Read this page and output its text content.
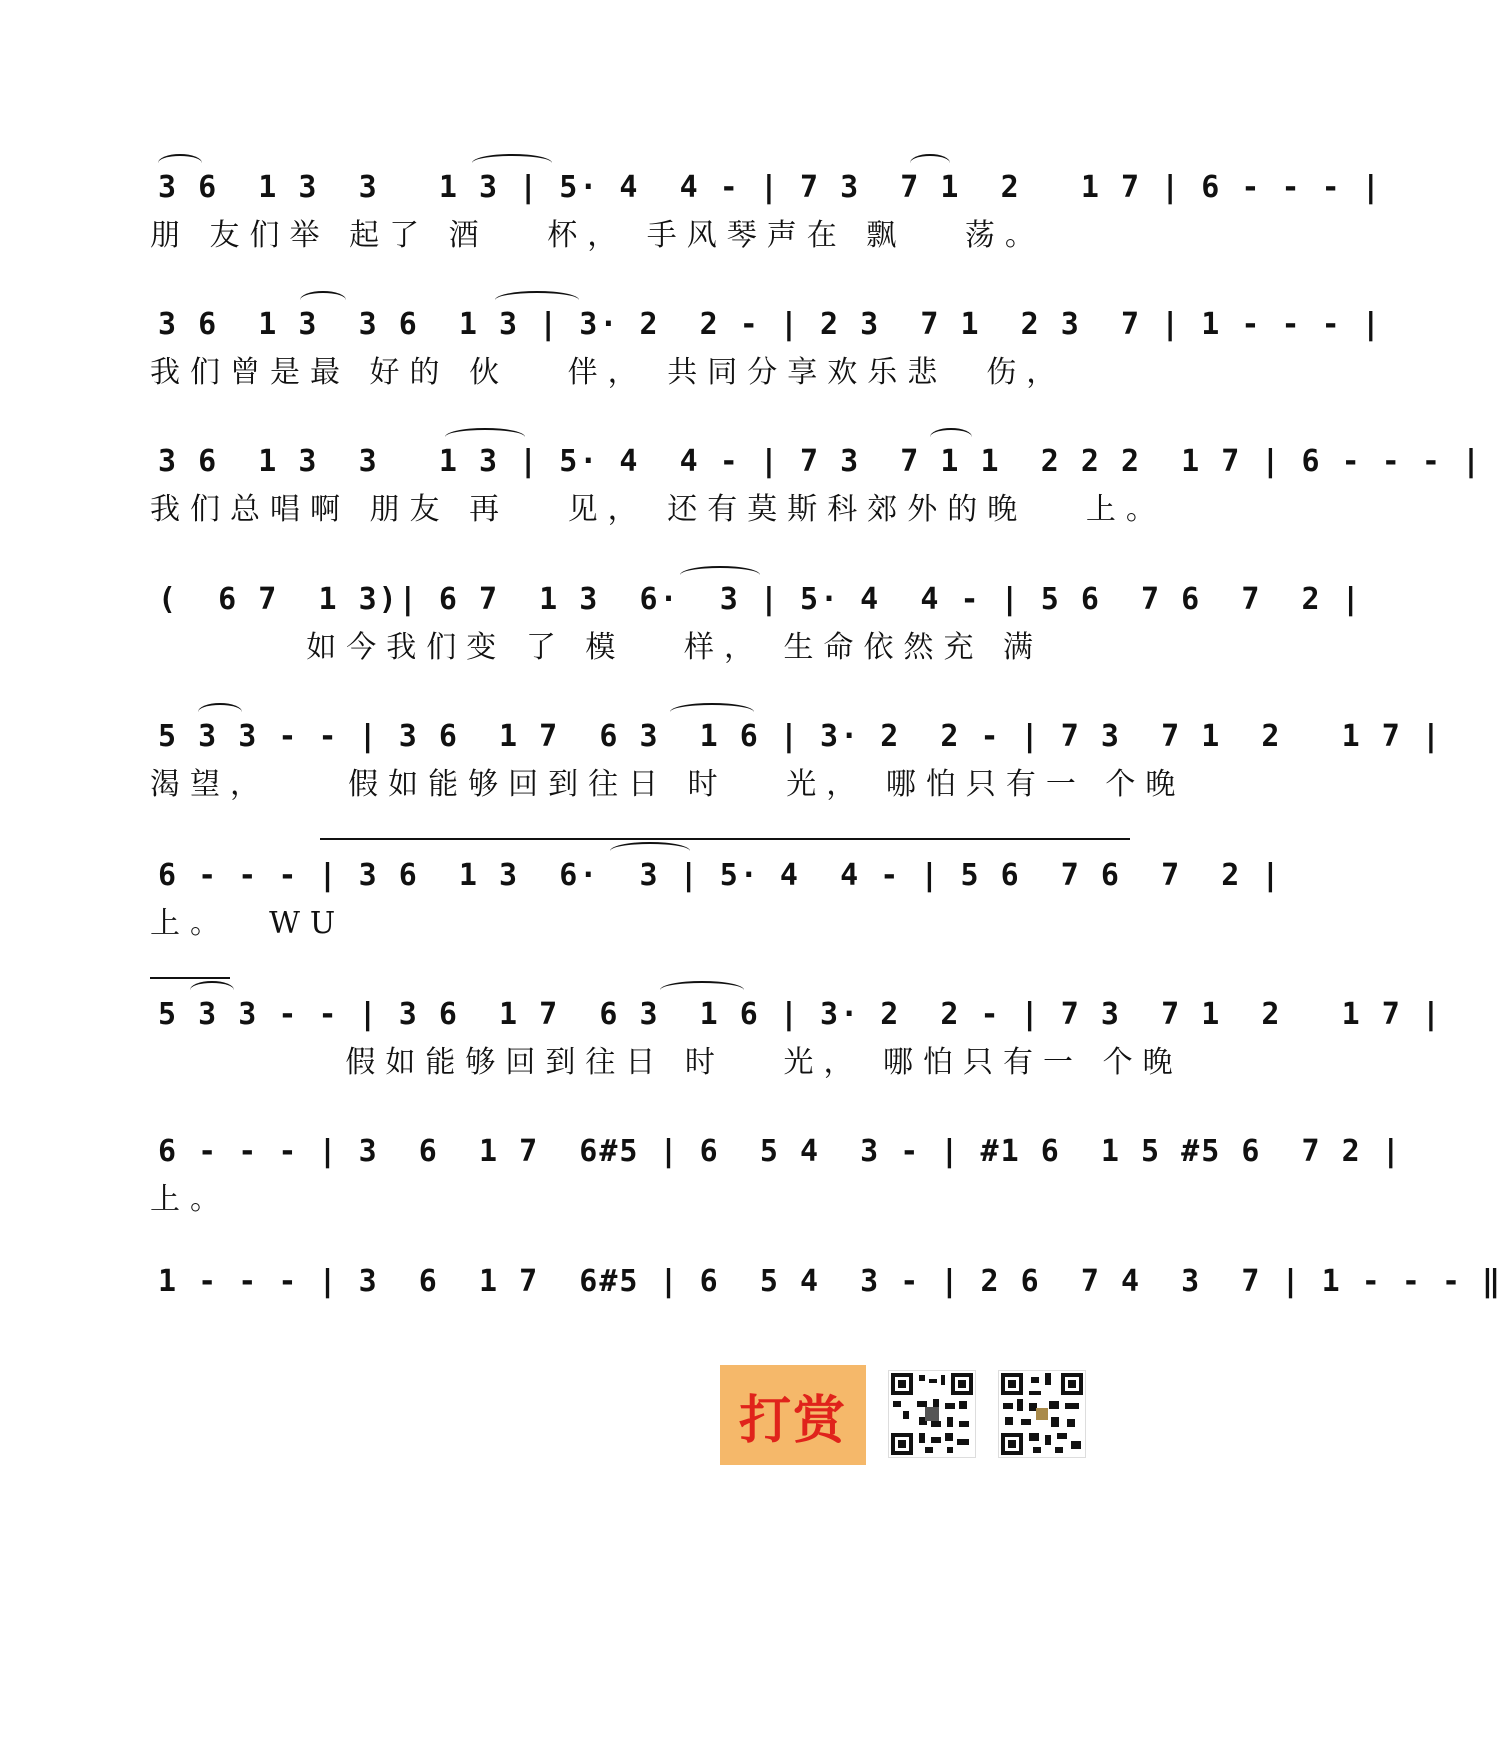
3 6  1 3  3   1 3 | 5· 4  4 - | 7 3  7 1  2   1 7 | 6 - - - |
朋 友们举 起了 酒   杯， 手风琴声在 飘   荡。
3 6  1 3  3 6  1 3 | 3· 2  2 - | 2 3  7 1  2 3  7 | 1 - - - |
我们曾是最 好的 伙   伴， 共同分享欢乐悲  伤，
3 6  1 3  3   1 3 | 5· 4  4 - | 7 3  7 1 1  2 2 2  1 7 | 6 - - - |
我们总唱啊 朋友 再   见， 还有莫斯科郊外的晚   上。
(  6 7  1 3)| 6 7  1 3  6·  3 | 5· 4  4 - | 5 6  7 6  7  2 |
如今我们变 了 模   样， 生命依然充 满
5 3 3 - - | 3 6  1 7  6 3  1 6 | 3· 2  2 - | 7 3  7 1  2   1 7 |
渴望，    假如能够回到往日 时   光， 哪怕只有一 个晚
6 - - - | 3 6  1 3  6·  3 | 5· 4  4 - | 5 6  7 6  7  2 |
上。  WU
5 3 3 - - | 3 6  1 7  6 3  1 6 | 3· 2  2 - | 7 3  7 1  2   1 7 |
假如能够回到往日 时   光， 哪怕只有一 个晚
6 - - - | 3  6  1 7  6#5 | 6  5 4  3 - | #1 6  1 5 #5 6  7 2 |
上。
1 - - - | 3  6  1 7  6#5 | 6  5 4  3 - | 2 6  7 4  3  7 | 1 - - - ‖
打赏
